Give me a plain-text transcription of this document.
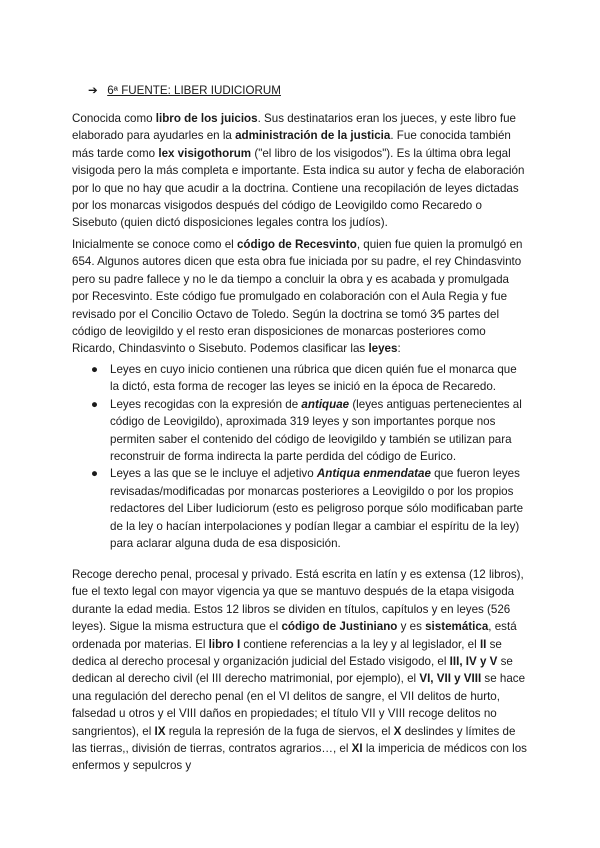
➔ 6ª FUENTE: LIBER IUDICIORUM

Conocida como libro de los juicios. Sus destinatarios eran los jueces, y este libro fue elaborado para ayudarles en la administración de la justicia. Fue conocida también más tarde como lex visigothorum ("el libro de los visigodos"). Es la última obra legal visigoda pero la más completa e importante. Esta indica su autor y fecha de elaboración por lo que no hay que acudir a la doctrina. Contiene una recopilación de leyes dictadas por los monarcas visigodos después del código de Leovigildo como Recaredo o Sisebuto (quien dictó disposiciones legales contra los judíos).

Inicialmente se conoce como el código de Recesvinto, quien fue quien la promulgó en 654. Algunos autores dicen que esta obra fue iniciada por su padre, el rey Chindasvinto pero su padre fallece y no le da tiempo a concluir la obra y es acabada y promulgada por Recesvinto. Este código fue promulgado en colaboración con el Aula Regia y fue revisado por el Concilio Octavo de Toledo. Según la doctrina se tomó 3∕5 partes del código de leovigildo y el resto eran disposiciones de monarcas posteriores como Ricardo, Chindasvinto o Sisebuto. Podemos clasificar las leyes:

● Leyes en cuyo inicio contienen una rúbrica que dicen quién fue el monarca que la dictó, esta forma de recoger las leyes se inició en la época de Recaredo.
● Leyes recogidas con la expresión de antiquae (leyes antiguas pertenecientes al código de Leovigildo), aproximada 319 leyes y son importantes porque nos permiten saber el contenido del código de leovigildo y también se utilizan para reconstruir de forma indirecta la parte perdida del código de Eurico.
● Leyes a las que se le incluye el adjetivo Antiqua enmendatae que fueron leyes revisadas/modificadas por monarcas posteriores a Leovigildo o por los propios redactores del Liber Iudiciorum (esto es peligroso porque sólo modificaban parte de la ley o hacían interpolaciones y podían llegar a cambiar el espíritu de la ley) para aclarar alguna duda de esa disposición.

Recoge derecho penal, procesal y privado. Está escrita en latín y es extensa (12 libros), fue el texto legal con mayor vigencia ya que se mantuvo después de la etapa visigoda durante la edad media. Estos 12 libros se dividen en títulos, capítulos y en leyes (526 leyes). Sigue la misma estructura que el código de Justiniano y es sistemática, está ordenada por materias. El libro I contiene referencias a la ley y al legislador, el II se dedica al derecho procesal y organización judicial del Estado visigodo, el III, IV y V se dedican al derecho civil (el III derecho matrimonial, por ejemplo), el VI, VII y VIII se hace una regulación del derecho penal (en el VI delitos de sangre, el VII delitos de hurto, falsedad u otros y el VIII daños en propiedades; el título VII y VIII recoge delitos no sangrientos), el IX regula la represión de la fuga de siervos, el X deslindes y límites de las tierras,, división de tierras, contratos agrarios…, el XI la impericia de médicos con los enfermos y sepulcros y
